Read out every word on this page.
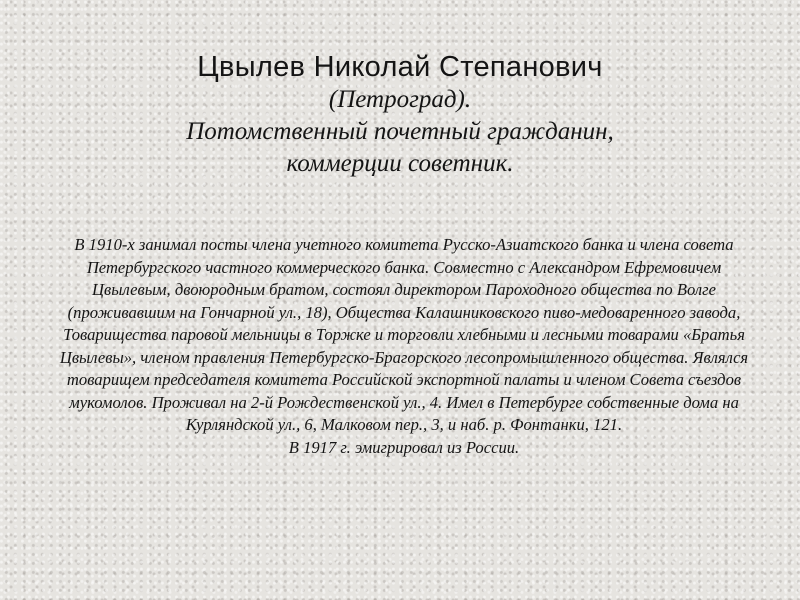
Цвылев Николай Степанович

(Петроград).

Потомственный почетный гражданин,

коммерции советник.

В 1910-х занимал посты члена учетного комитета Русско-Азиатского банка и члена совета Петербургского частного коммерческого банка. Совместно с Александром Ефремовичем Цвылевым, двоюродным братом, состоял директором Пароходного общества по Волге (проживавшим на Гончарной ул., 18), Общества Калашниковского пиво-медоваренного завода, Товарищества паровой мельницы в Торжке и торговли хлебными и лесными товарами «Братья Цвылевы», членом правления Петербургско-Брагорского лесопромышленного общества. Являлся товарищем председателя комитета Российской экспортной палаты и членом Совета съездов мукомолов. Проживал на 2-й Рождественской ул., 4. Имел в Петербурге собственные дома на Курляндской ул., 6, Малковом пер., 3, и наб. р. Фонтанки, 121.

В 1917 г. эмигрировал из России.
